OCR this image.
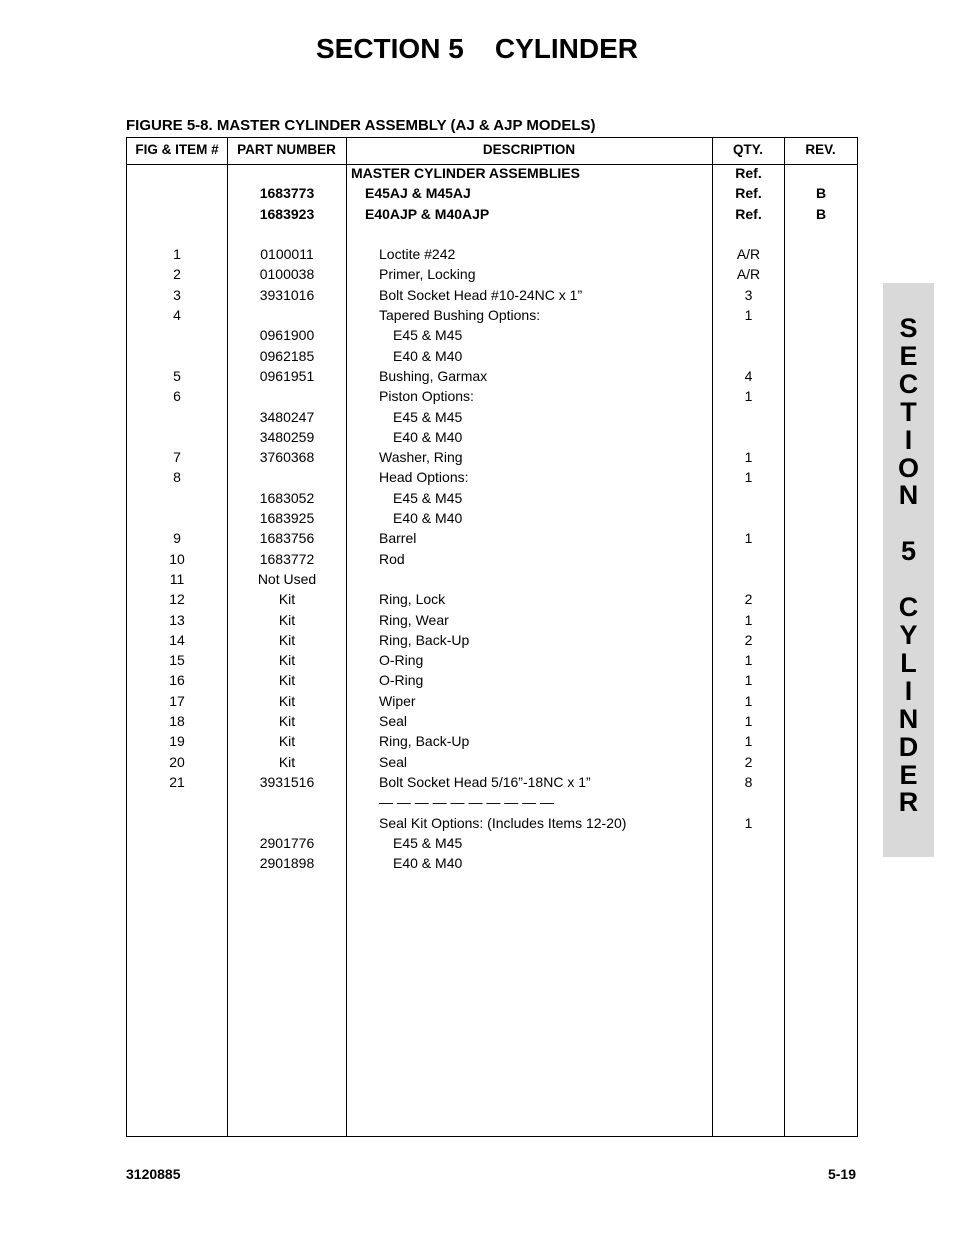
SECTION 5    CYLINDER
FIGURE 5-8. MASTER CYLINDER ASSEMBLY (AJ & AJP MODELS)
FIG & ITEM #	PART NUMBER	DESCRIPTION	QTY.	REV.
MASTER CYLINDER ASSEMBLIES	Ref.
1683773	E45AJ & M45AJ	Ref.	B
1683923	E40AJP & M40AJP	Ref.	B
1	0100011	Loctite #242	A/R
2	0100038	Primer, Locking	A/R
3	3931016	Bolt Socket Head #10-24NC x 1”	3
4	Tapered Bushing Options:	1
0961900	E45 & M45
0962185	E40 & M40
5	0961951	Bushing, Garmax	4
6	Piston Options:	1
3480247	E45 & M45
3480259	E40 & M40
7	3760368	Washer, Ring	1
8	Head Options:	1
1683052	E45 & M45
1683925	E40 & M40
9	1683756	Barrel	1
10	1683772	Rod
11	Not Used
12	Kit	Ring, Lock	2
13	Kit	Ring, Wear	1
14	Kit	Ring, Back-Up	2
15	Kit	O-Ring	1
16	Kit	O-Ring	1
17	Kit	Wiper	1
18	Kit	Seal	1
19	Kit	Ring, Back-Up	1
20	Kit	Seal	2
21	3931516	Bolt Socket Head 5/16”-18NC x 1”	8
— — — — — — — — — —
Seal Kit Options: (Includes Items 12-20)	1
2901776	E45 & M45
2901898	E40 & M40
S
E
C
T
I
O
N

5

C
Y
L
I
N
D
E
R
3120885	5-19
